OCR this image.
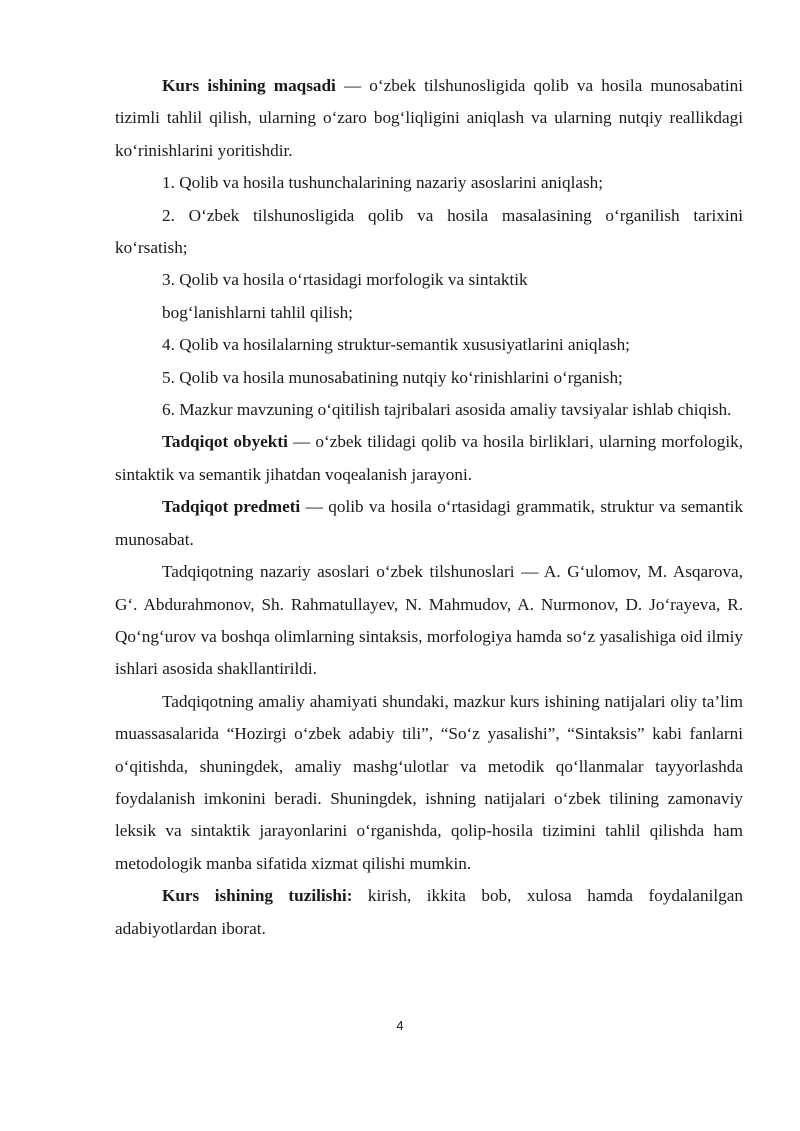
Kurs ishining maqsadi — o‘zbek tilshunosligida qolib va hosila munosabatini tizimli tahlil qilish, ularning o‘zaro bog‘liqligini aniqlash va ularning nutqiy reallikdagi ko‘rinishlarini yoritishdir.

1. Qolib va hosila tushunchalarining nazariy asoslarini aniqlash;

2. O‘zbek tilshunosligida qolib va hosila masalasining o‘rganilish tarixini ko‘rsatish;

3. Qolib va hosila o‘rtasidagi morfologik va sintaktik

bog‘lanishlarni tahlil qilish;

4. Qolib va hosilalarning struktur-semantik xususiyatlarini aniqlash;

5. Qolib va hosila munosabatining nutqiy ko‘rinishlarini o‘rganish;

6. Mazkur mavzuning o‘qitilish tajribalari asosida amaliy tavsiyalar ishlab chiqish.

Tadqiqot obyekti — o‘zbek tilidagi qolib va hosila birliklari, ularning morfologik, sintaktik va semantik jihatdan voqealanish jarayoni.

Tadqiqot predmeti — qolib va hosila o‘rtasidagi grammatik, struktur va semantik munosabat.

Tadqiqotning nazariy asoslari o‘zbek tilshunoslari — A. G‘ulomov, M. Asqarova, G‘. Abdurahmonov, Sh. Rahmatullayev, N. Mahmudov, A. Nurmonov, D. Jo‘rayeva, R. Qo‘ng‘urov va boshqa olimlarning sintaksis, morfologiya hamda so‘z yasalishiga oid ilmiy ishlari asosida shakllantirildi.

Tadqiqotning amaliy ahamiyati shundaki, mazkur kurs ishining natijalari oliy ta’lim muassasalarida “Hozirgi o‘zbek adabiy tili”, “So‘z yasalishi”, “Sintaksis” kabi fanlarni o‘qitishda, shuningdek, amaliy mashg‘ulotlar va metodik qo‘llanmalar tayyorlashda foydalanish imkonini beradi. Shuningdek, ishning natijalari o‘zbek tilining zamonaviy leksik va sintaktik jarayonlarini o‘rganishda, qolip-hosila tizimini tahlil qilishda ham metodologik manba sifatida xizmat qilishi mumkin.

Kurs ishining tuzilishi: kirish, ikkita bob, xulosa hamda foydalanilgan adabiyotlardan iborat.

4
